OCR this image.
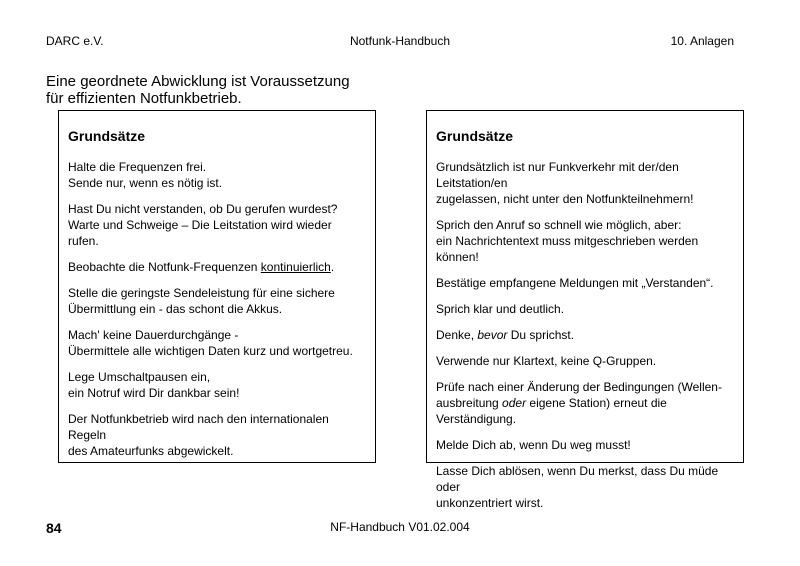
DARC e.V.	Notfunk-Handbuch	10. Anlagen
Eine geordnete Abwicklung ist Voraussetzung
für effizienten Notfunkbetrieb.
Grundsätze
Halte die Frequenzen frei.
Sende nur, wenn es nötig ist.
Hast Du nicht verstanden, ob Du gerufen wurdest?
Warte und Schweige – Die Leitstation wird wieder rufen.
Beobachte die Notfunk-Frequenzen kontinuierlich.
Stelle die geringste Sendeleistung für eine sichere
Übermittlung ein - das schont die Akkus.
Mach' keine Dauerdurchgänge -
Übermittele alle wichtigen Daten kurz und wortgetreu.
Lege Umschaltpausen ein,
ein Notruf wird Dir dankbar sein!
Der Notfunkbetrieb wird nach den internationalen Regeln
des Amateurfunks abgewickelt.
Grundsätze
Grundsätzlich ist nur Funkverkehr mit der/den Leitstation/en
zugelassen, nicht unter den Notfunkteilnehmern!
Sprich den Anruf so schnell wie möglich, aber:
ein Nachrichtentext muss mitgeschrieben werden können!
Bestätige empfangene Meldungen mit „Verstanden“.
Sprich klar und deutlich.
Denke, bevor Du sprichst.
Verwende nur Klartext, keine Q-Gruppen.
Prüfe nach einer Änderung der Bedingungen (Wellen-
ausbreitung oder eigene Station) erneut die Verständigung.
Melde Dich ab, wenn Du weg musst!
Lasse Dich ablösen, wenn Du merkst, dass Du müde oder
unkonzentriert wirst.
84	NF-Handbuch V01.02.004
